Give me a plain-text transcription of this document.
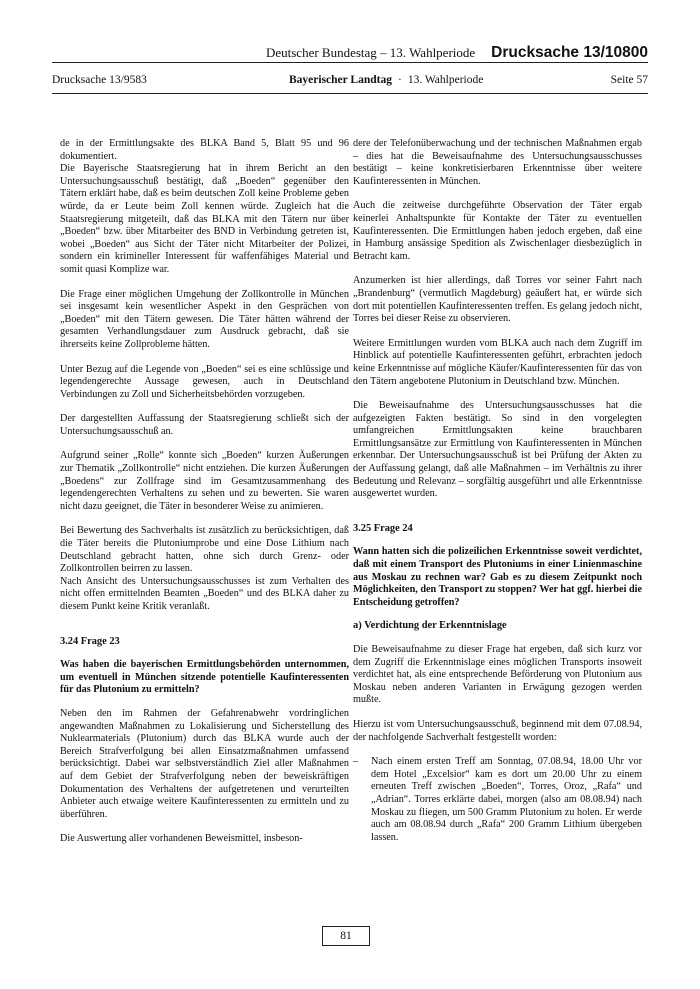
Deutscher Bundestag – 13. Wahlperiode Drucksache 13/10800
Drucksache 13/9583	Bayerischer Landtag · 13. Wahlperiode	Seite 57

de in der Ermittlungsakte des BLKA Band 5, Blatt 95 und 96 dokumentiert.

Die Bayerische Staatsregierung hat in ihrem Bericht an den Untersuchungsausschuß bestätigt, daß „Boeden“ gegenüber den Tätern erklärt habe, daß es beim deutschen Zoll keine Probleme geben würde, da er Leute beim Zoll kennen würde. Zugleich hat die Staatsregierung mitgeteilt, daß das BLKA mit den Tätern nur über „Boeden“ bzw. über Mitarbeiter des BND in Verbindung getreten ist, wobei „Boeden“ aus Sicht der Täter nicht Mitarbeiter der Polizei, sondern ein krimineller Interessent für waffenfähiges Material und somit quasi Komplize war.

Die Frage einer möglichen Umgehung der Zollkontrolle in München sei insgesamt kein wesentlicher Aspekt in den Gesprächen von „Boeden“ mit den Tätern gewesen. Die Täter hätten während der gesamten Verhandlungsdauer zum Ausdruck gebracht, daß sie ihrerseits keine Zollprobleme hätten.

Unter Bezug auf die Legende von „Boeden“ sei es eine schlüssige und legendengerechte Aussage gewesen, auch in Deutschland Verbindungen zu Zoll und Sicherheitsbehörden vorzugeben.

Der dargestellten Auffassung der Staatsregierung schließt sich der Untersuchungsausschuß an.

Aufgrund seiner „Rolle“ konnte sich „Boeden“ kurzen Äußerungen zur Thematik „Zollkontrolle“ nicht entziehen. Die kurzen Äußerungen „Boedens“ zur Zollfrage sind im Gesamtzusammenhang des legendengerechten Verhaltens zu sehen und zu bewerten. Sie waren nicht dazu geeignet, die Täter in besonderer Weise zu animieren.

Bei Bewertung des Sachverhalts ist zusätzlich zu berücksichtigen, daß die Täter bereits die Plutoniumprobe und eine Dose Lithium nach Deutschland gebracht hatten, ohne sich durch Grenz- oder Zollkontrollen beirren zu lassen.

Nach Ansicht des Untersuchungsausschusses ist zum Verhalten des nicht offen ermittelnden Beamten „Boeden“ und des BLKA daher zu diesem Punkt keine Kritik veranlaßt.

3.24 Frage 23
Was haben die bayerischen Ermittlungsbehörden unternommen, um eventuell in München sitzende potentielle Kaufinteressenten für das Plutonium zu ermitteln?

Neben den im Rahmen der Gefahrenabwehr vordringlichen angewandten Maßnahmen zu Lokalisierung und Sicherstellung des Nuklearmaterials (Plutonium) durch das BLKA wurde auch der Bereich Strafverfolgung bei allen Einsatzmaßnahmen umfassend berücksichtigt. Dabei war selbstverständlich Ziel aller Maßnahmen auf dem Gebiet der Strafverfolgung neben der beweiskräftigen Dokumentation des Verhaltens der aufgetretenen und verurteilten Anbieter auch etwaige weitere Kaufinteressenten zu ermitteln und zu überführen.

Die Auswertung aller vorhandenen Beweismittel, insbeson-

dere der Telefonüberwachung und der technischen Maßnahmen ergab – dies hat die Beweisaufnahme des Untersuchungsausschusses bestätigt – keine konkretisierbaren Erkenntnisse über weitere Kaufinteressenten in München.

Auch die zeitweise durchgeführte Observation der Täter ergab keinerlei Anhaltspunkte für Kontakte der Täter zu eventuellen Kaufinteressenten. Die Ermittlungen haben jedoch ergeben, daß eine in Hamburg ansässige Spedition als Zwischenlager diesbezüglich in Betracht kam.

Anzumerken ist hier allerdings, daß Torres vor seiner Fahrt nach „Brandenburg“ (vermutlich Magdeburg) geäußert hat, er würde sich dort mit potentiellen Kaufinteressenten treffen. Es gelang jedoch nicht, Torres bei dieser Reise zu observieren.

Weitere Ermittlungen wurden vom BLKA auch nach dem Zugriff im Hinblick auf potentielle Kaufinteressenten geführt, erbrachten jedoch keine Erkenntnisse auf mögliche Käufer/Kaufinteressenten für das von den Tätern angebotene Plutonium in Deutschland bzw. München.

Die Beweisaufnahme des Untersuchungsausschusses hat die aufgezeigten Fakten bestätigt. So sind in den vorgelegten umfangreichen Ermittlungsakten keine brauchbaren Ermittlungsansätze zur Ermittlung von Kaufinteressenten in München erkennbar. Der Untersuchungsausschuß ist bei Prüfung der Akten zu der Auffassung gelangt, daß alle Maßnahmen – im Verhältnis zu ihrer Bedeutung und Relevanz – sorgfältig ausgeführt und alle Erkenntnisse ausgewertet wurden.

3.25 Frage 24
Wann hatten sich die polizeilichen Erkenntnisse soweit verdichtet, daß mit einem Transport des Plutoniums in einer Linienmaschine aus Moskau zu rechnen war? Gab es zu diesem Zeitpunkt noch Möglichkeiten, den Transport zu stoppen? Wer hat ggf. hierbei die Entscheidung getroffen?
a) Verdichtung der Erkenntnislage

Die Beweisaufnahme zu dieser Frage hat ergeben, daß sich kurz vor dem Zugriff die Erkenntnislage eines möglichen Transports insoweit verdichtet hat, als eine entsprechende Beförderung von Plutonium aus Moskau neben anderen Varianten in Erwägung gezogen werden mußte.

Hierzu ist vom Untersuchungsausschuß, beginnend mit dem 07.08.94, der nachfolgende Sachverhalt festgestellt worden:

– Nach einem ersten Treff am Sonntag, 07.08.94, 18.00 Uhr vor dem Hotel „Excelsior“ kam es dort um 20.00 Uhr zu einem erneuten Treff zwischen „Boeden“, Torres, Oroz, „Rafa“ und „Adrian“. Torres erklärte dabei, morgen (also am 08.08.94) nach Moskau zu fliegen, um 500 Gramm Plutonium zu holen. Er werde auch am 08.08.94 durch „Rafa“ 200 Gramm Lithium übergeben lassen.
81
